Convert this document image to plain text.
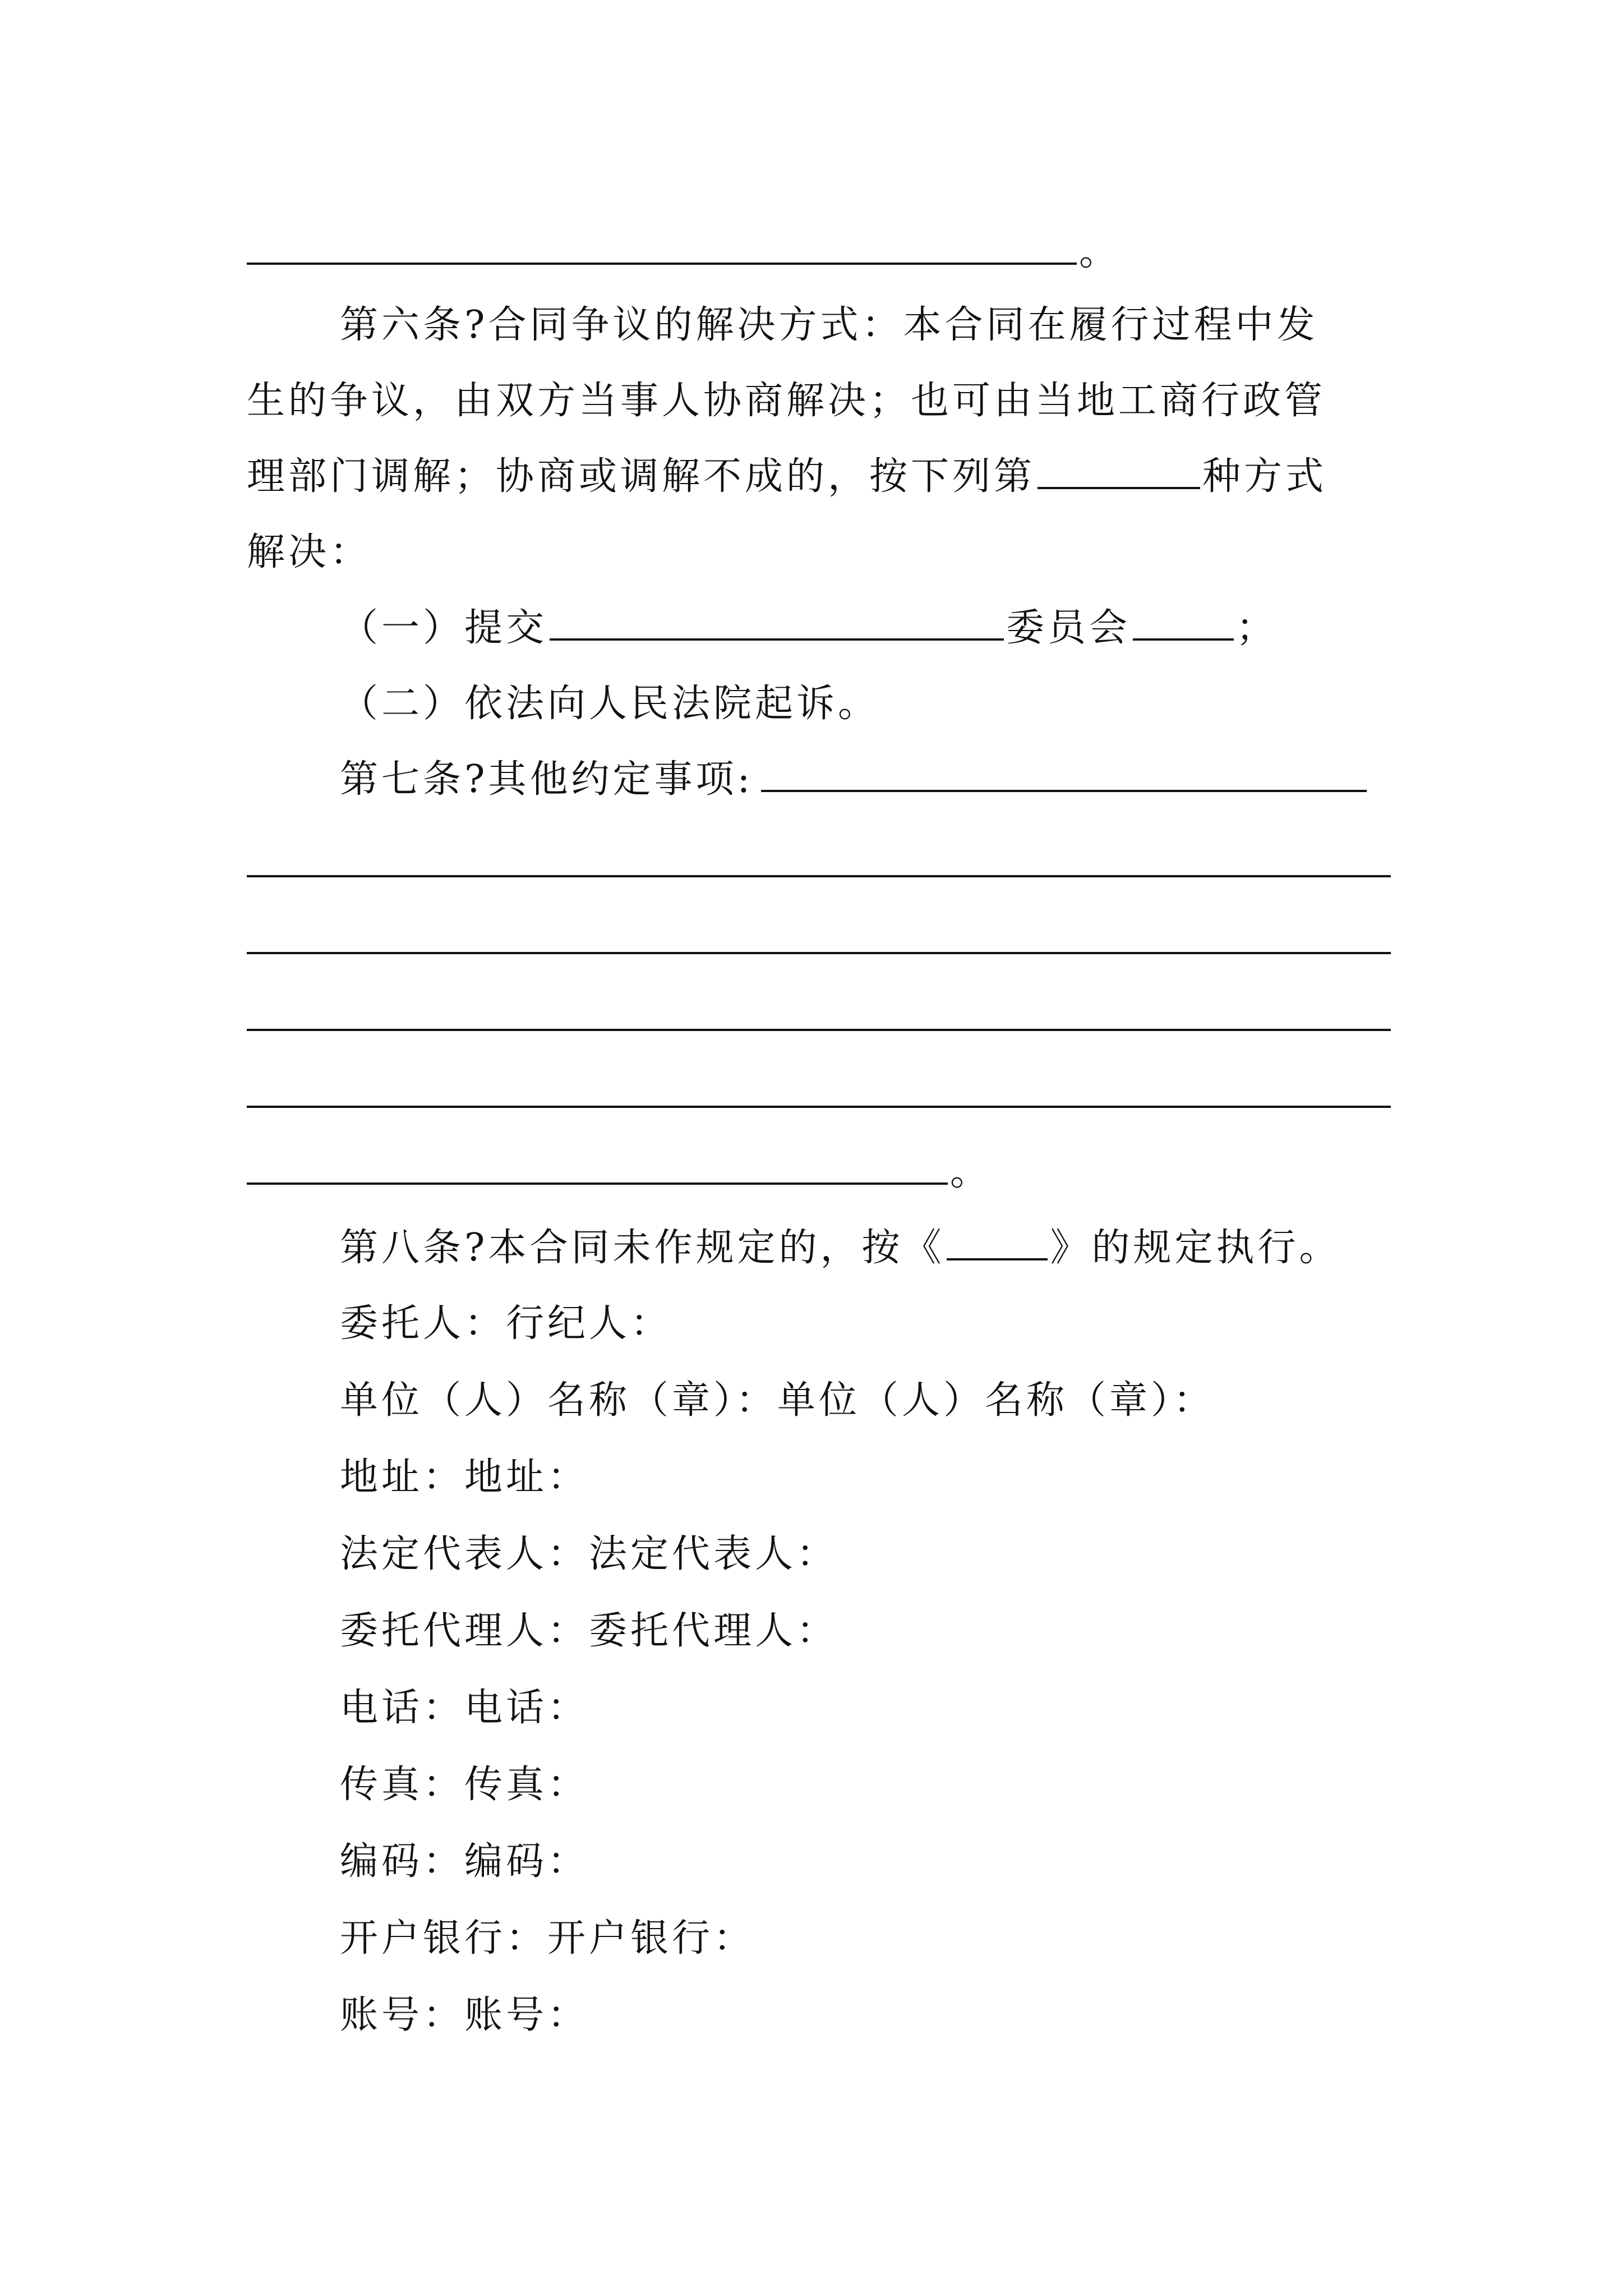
。
第六条?合同争议的解决方式：本合同在履行过程中发
生的争议，由双方当事人协商解决；也可由当地工商行政管
理部门调解；协商或调解不成的，按下列第	种方式
解决：
（一）提交	委员会	；
（二）依法向人民法院起诉。
第七条?其他约定事项:
。
第八条?本合同未作规定的，按《	》的规定执行。
委托人：行纪人：
单位（人）名称（章）：单位（人）名称（章）：
地址：地址：
法定代表人：法定代表人：
委托代理人：委托代理人：
电话：电话：
传真：传真：
编码：编码：
开户银行：开户银行：
账号：账号：
